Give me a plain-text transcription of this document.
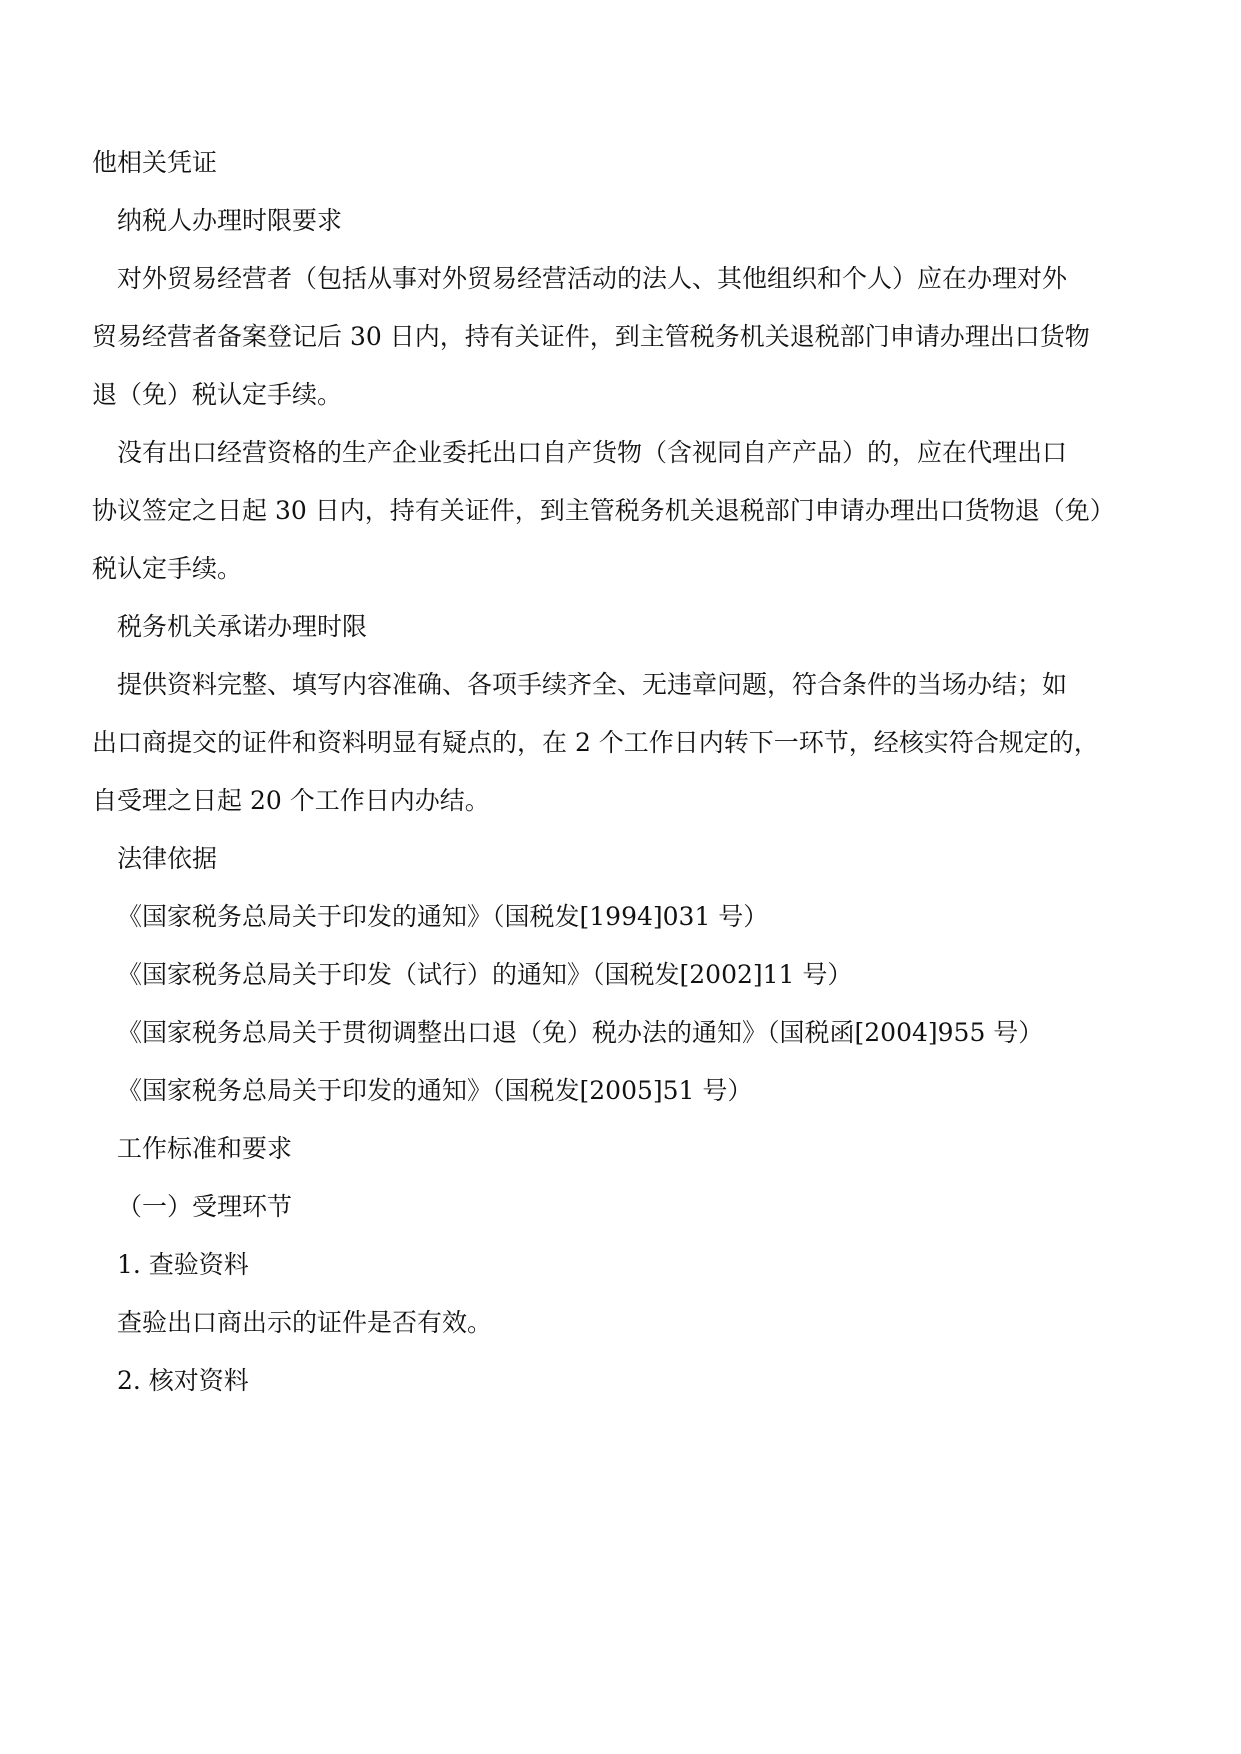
他相关凭证
纳税人办理时限要求
对外贸易经营者（包括从事对外贸易经营活动的法人、其他组织和个人）应在办理对外
贸易经营者备案登记后 30 日内，持有关证件，到主管税务机关退税部门申请办理出口货物
退（免）税认定手续。
没有出口经营资格的生产企业委托出口自产货物（含视同自产产品）的，应在代理出口
协议签定之日起 30 日内，持有关证件，到主管税务机关退税部门申请办理出口货物退（免）
税认定手续。
税务机关承诺办理时限
提供资料完整、填写内容准确、各项手续齐全、无违章问题，符合条件的当场办结；如
出口商提交的证件和资料明显有疑点的，在 2 个工作日内转下一环节，经核实符合规定的，
自受理之日起 20 个工作日内办结。
法律依据
《国家税务总局关于印发的通知》（国税发[1994]031 号）
《国家税务总局关于印发（试行）的通知》（国税发[2002]11 号）
《国家税务总局关于贯彻调整出口退（免）税办法的通知》（国税函[2004]955 号）
《国家税务总局关于印发的通知》（国税发[2005]51 号）
工作标准和要求
（一）受理环节
1. 查验资料
查验出口商出示的证件是否有效。
2. 核对资料
